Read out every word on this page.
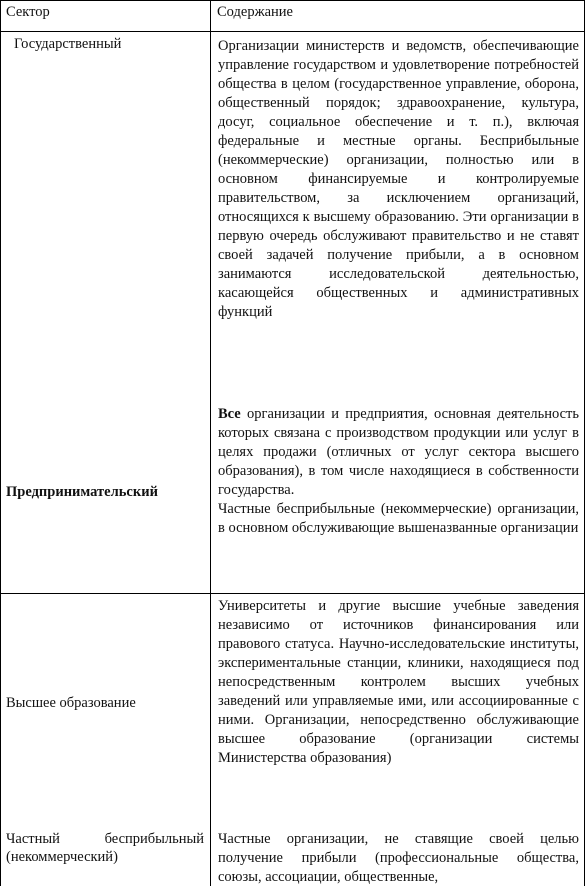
Сектор	Содержание
Государственный	Организации министерств и ведомств, обеспечивающие управление государством и удовлетворение потребностей общества в целом (государственное управление, оборона, общественный порядок; здравоохранение, культура, досуг, социальное обеспечение и т. п.), включая федеральные и местные органы. Бесприбыльные (некоммерческие) организации, полностью или в основном финансируемые и контролируемые правительством, за исключением организаций, относящихся к высшему образованию. Эти организации в первую очередь обслуживают правительство и не ставят своей задачей получение прибыли, а в основном занимаются исследовательской деятельностью, касающейся общественных и административных функций

Предпринимательский

Все организации и предприятия, основная деятельность которых связана с производством продукции или услуг в целях продажи (отличных от услуг сектора высшего образования), в том числе находящиеся в собственности государства.

Частные бесприбыльные (некоммерческие) организации, в основном обслуживающие вышеназванные организации

Высшее образование

Университеты и другие высшие учебные заведения независимо от источников финансирования или правового статуса. Научно-исследовательские институты, экспериментальные станции, клиники, находящиеся под непосредственным контролем высших учебных заведений или управляемые ими, или ассоциированные с ними. Организации, непосредственно обслуживающие высшее образование (организации системы Министерства образования)

Частный бесприбыльный (некоммерческий)

Частные организации, не ставящие своей целью получение прибыли (профессиональные общества, союзы, ассоциации, общественные,
